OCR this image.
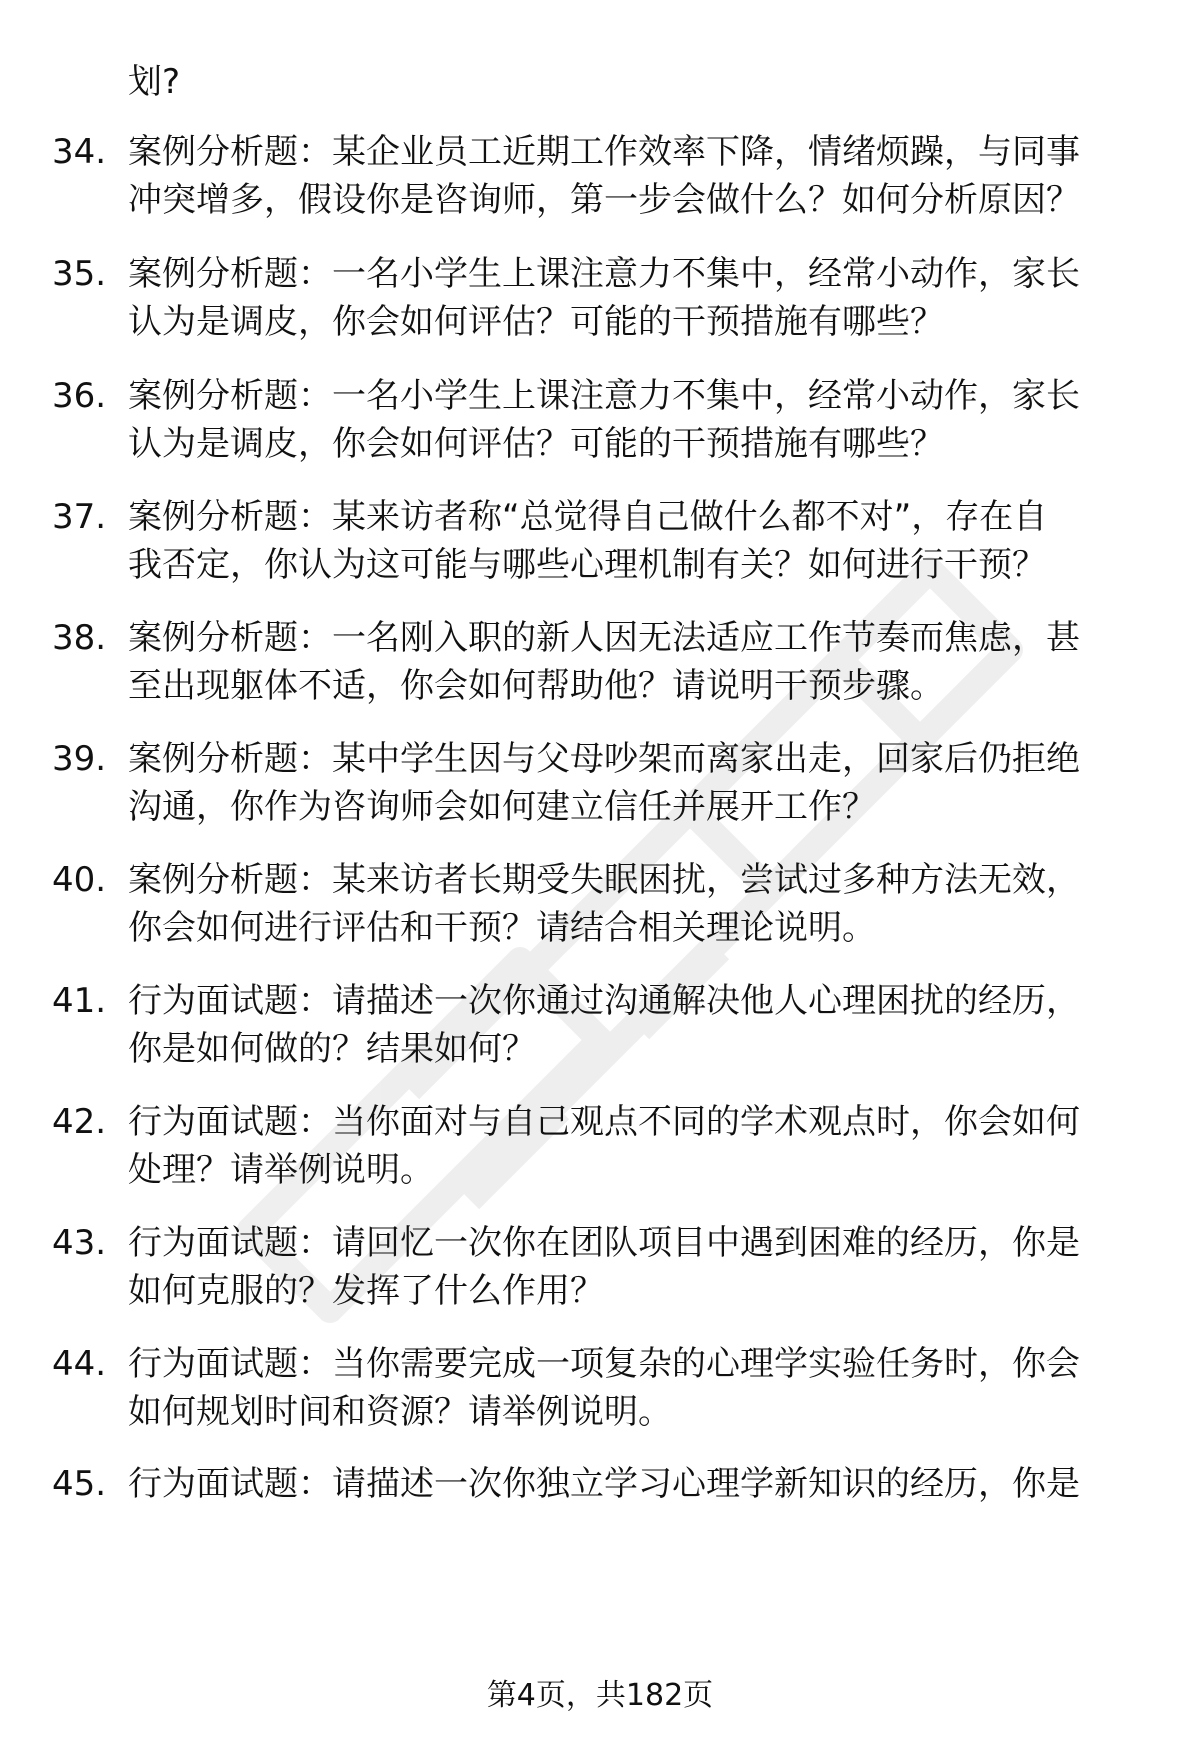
划?

34. 案例分析题：某企业员工近期工作效率下降，情绪烦躁，与同事
冲突增多，假设你是咨询师，第一步会做什么？如何分析原因？

35. 案例分析题：一名小学生上课注意力不集中，经常小动作，家长
认为是调皮，你会如何评估？可能的干预措施有哪些？

36. 案例分析题：一名小学生上课注意力不集中，经常小动作，家长
认为是调皮，你会如何评估？可能的干预措施有哪些？

37. 案例分析题：某来访者称“总觉得自己做什么都不对”，存在自
我否定，你认为这可能与哪些心理机制有关？如何进行干预？

38. 案例分析题：一名刚入职的新人因无法适应工作节奏而焦虑，甚
至出现躯体不适，你会如何帮助他？请说明干预步骤。

39. 案例分析题：某中学生因与父母吵架而离家出走，回家后仍拒绝
沟通，你作为咨询师会如何建立信任并展开工作？

40. 案例分析题：某来访者长期受失眠困扰，尝试过多种方法无效，
你会如何进行评估和干预？请结合相关理论说明。

41. 行为面试题：请描述一次你通过沟通解决他人心理困扰的经历，
你是如何做的？结果如何？

42. 行为面试题：当你面对与自己观点不同的学术观点时，你会如何
处理？请举例说明。

43. 行为面试题：请回忆一次你在团队项目中遇到困难的经历，你是
如何克服的？发挥了什么作用？

44. 行为面试题：当你需要完成一项复杂的心理学实验任务时，你会
如何规划时间和资源？请举例说明。

45. 行为面试题：请描述一次你独立学习心理学新知识的经历，你是

第4页，共182页
